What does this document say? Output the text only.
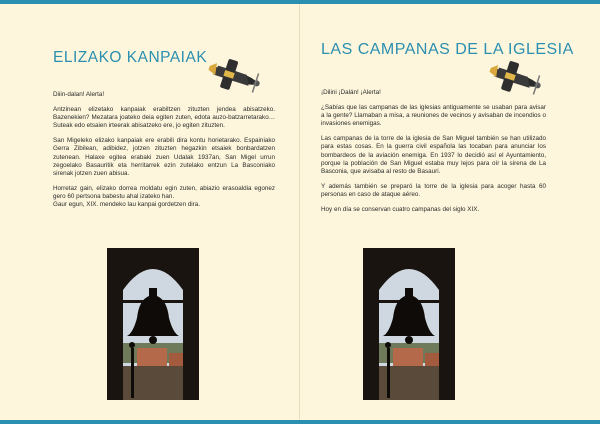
ELIZAKO KANPAIAK

Diiin-dalan! Alerta!

Antzinean elizetako kanpaiak erabiltzen zituzten jendea abisatzeko. Bazenekien? Mezatara joateko deia egiten zuten, edota auzo-batzarretarako… Suteak edo etsaien irteerak abisatzeko ere, jo egiten zituzten.

San Migeleko elizako kanpaiak ere erabili dira kontu horietarako. Espainiako Gerra Zibilean, adibidez, jotzen zituzten hegazkin etsaiek bonbardatzen zutenean. Halaxe egitea erabaki zuen Udalak 1937an, San Migel urrun zegoelako Basauritik eta herritarrek ezin zutelako entzun La Basconiako sirenak jotzen zuen abisua.

Horretaz gain, elizako dorrea moldatu egin zuten, abiazio erasoaldia egonez gero 60 pertsona babestu ahal izateko han.
Gaur egun, XIX. mendeko lau kanpai gordetzen dira.

LAS CAMPANAS DE LA IGLESIA

¡Dilini ¡Dalán! ¡Alerta!

¿Sabías que las campanas de las iglesias antiguamente se usaban para avisar a la gente? Llamaban a misa, a reuniones de vecinos y avisaban de incendios o invasiones enemigas.

Las campanas de la torre de la iglesia de San Miguel también se han utilizado para estas cosas. En la guerra civil española las tocaban para anunciar los bombardeos de la aviación enemiga. En 1937 lo decidió así el Ayuntamiento, porque la población de San Miguel estaba muy lejos para oír la sirena de La Basconia, que avisaba al resto de Basauri.

Y además también se preparó la torre de la iglesia para acoger hasta 60 personas en caso de ataque aéreo.

Hoy en día se conservan cuatro campanas del siglo XIX.
